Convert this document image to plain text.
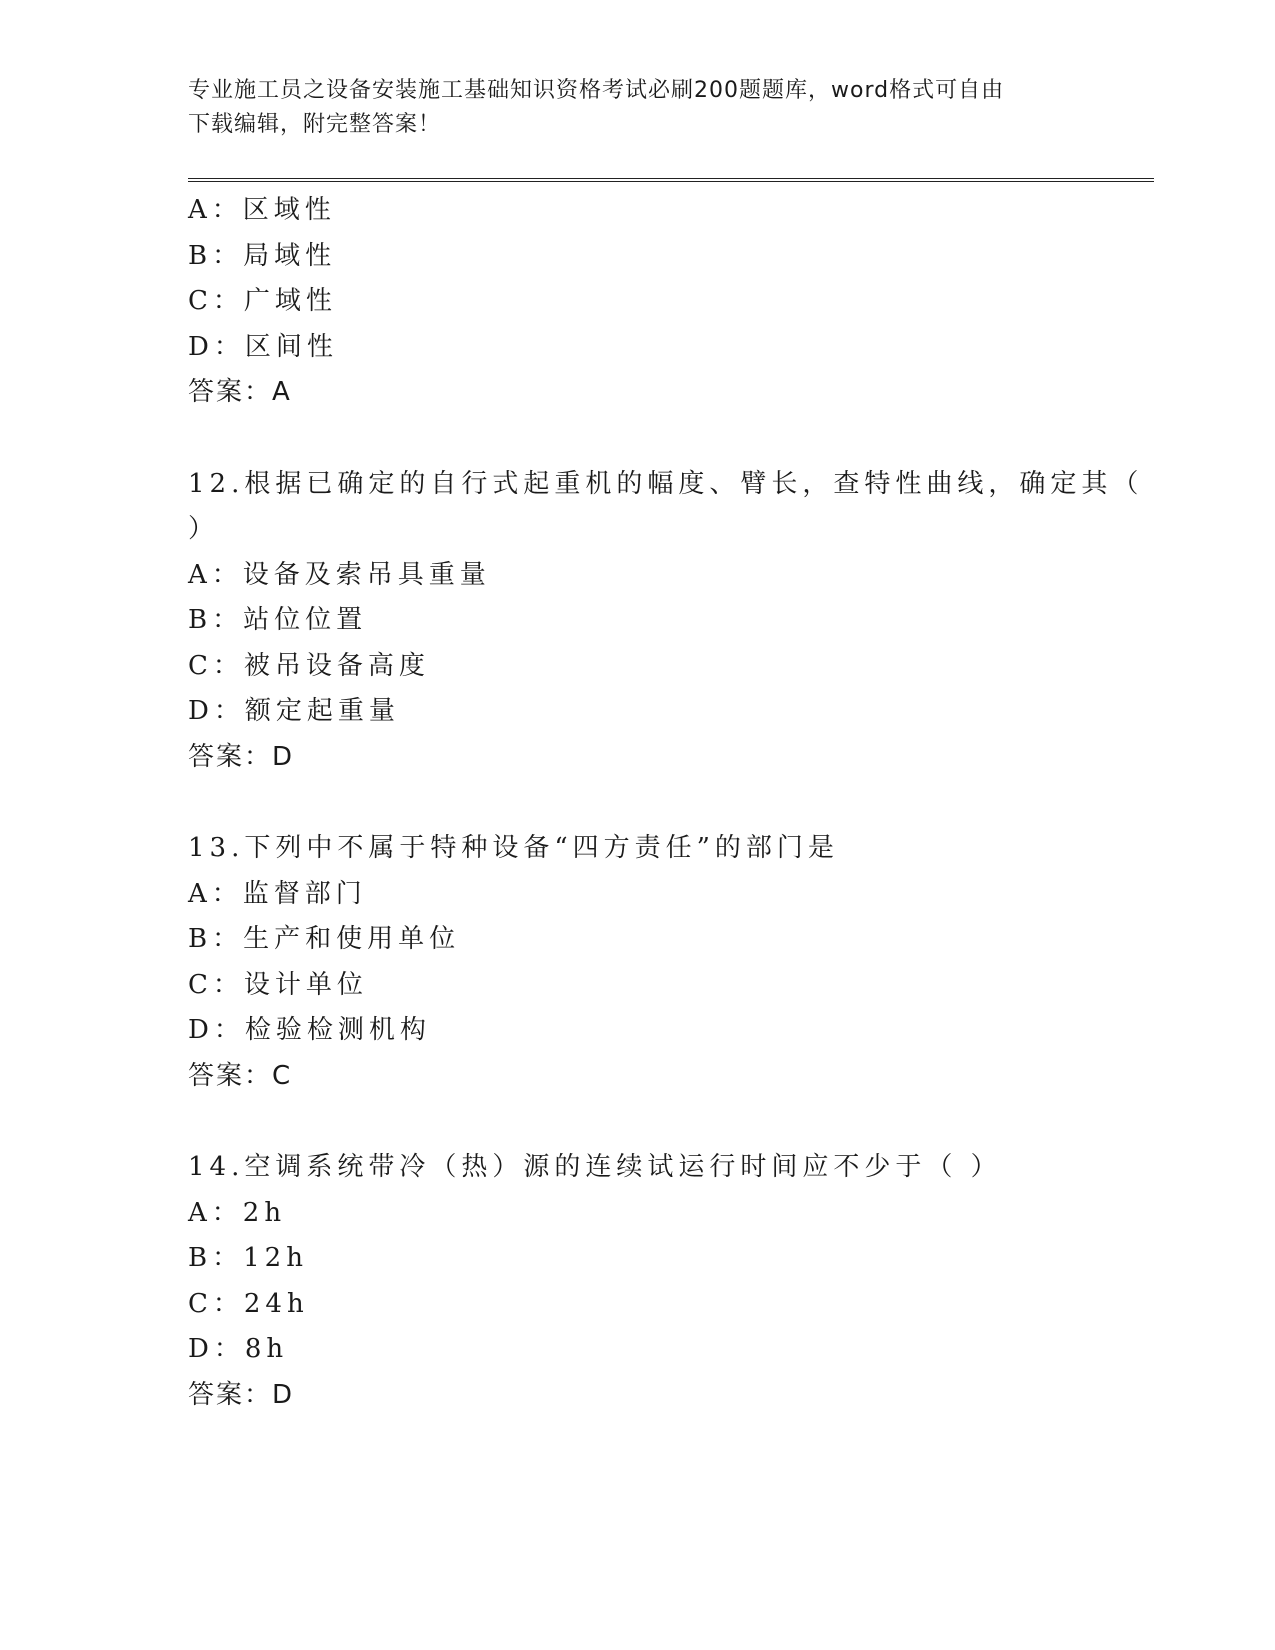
专业施工员之设备安装施工基础知识资格考试必刷200题题库，word格式可自由
下载编辑，附完整答案！
A：区域性
B：局域性
C：广域性
D：区间性
答案：A
12.根据已确定的自行式起重机的幅度、臂长，查特性曲线，确定其（
）
A：设备及索吊具重量
B：站位位置
C：被吊设备高度
D：额定起重量
答案：D
13.下列中不属于特种设备“四方责任”的部门是
A：监督部门
B：生产和使用单位
C：设计单位
D：检验检测机构
答案：C
14.空调系统带冷（热）源的连续试运行时间应不少于（ ）
A：2h
B：12h
C：24h
D：8h
答案：D
